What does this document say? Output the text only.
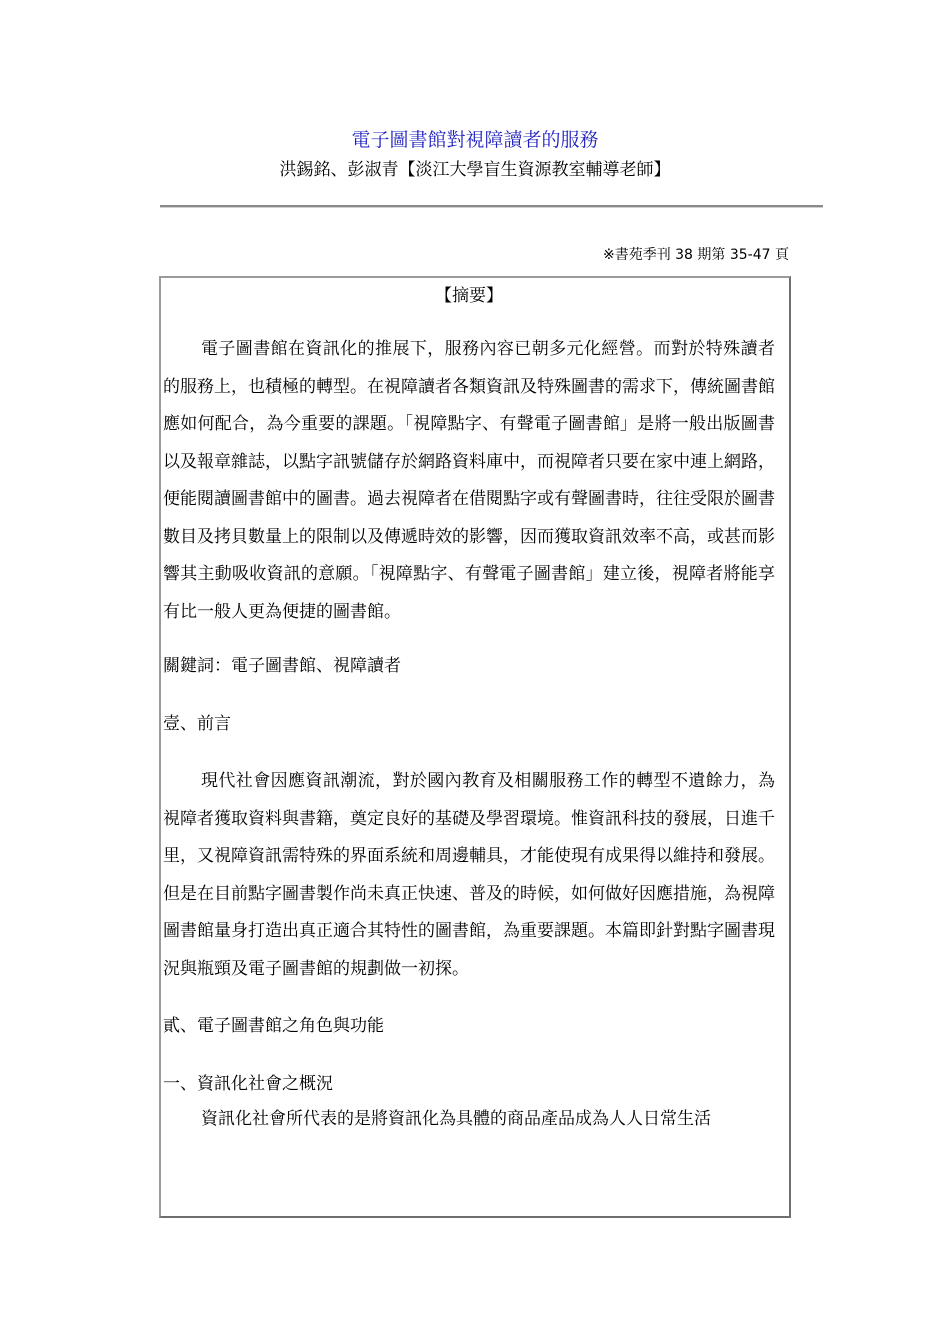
電子圖書館對視障讀者的服務

洪錫銘、彭淑青【淡江大學盲生資源教室輔導老師】

※書苑季刊 38 期第 35-47 頁

【摘要】

電子圖書館在資訊化的推展下，服務內容已朝多元化經營。而對於特殊讀者的服務上，也積極的轉型。在視障讀者各類資訊及特殊圖書的需求下，傳統圖書館應如何配合，為今重要的課題。「視障點字、有聲電子圖書館」是將一般出版圖書以及報章雜誌，以點字訊號儲存於網路資料庫中，而視障者只要在家中連上網路，便能閱讀圖書館中的圖書。過去視障者在借閱點字或有聲圖書時，往往受限於圖書數目及拷貝數量上的限制以及傳遞時效的影響，因而獲取資訊效率不高，或甚而影響其主動吸收資訊的意願。「視障點字、有聲電子圖書館」建立後，視障者將能享有比一般人更為便捷的圖書館。

關鍵詞：電子圖書館、視障讀者

壹、前言

現代社會因應資訊潮流，對於國內教育及相關服務工作的轉型不遺餘力，為視障者獲取資料與書籍，奠定良好的基礎及學習環境。惟資訊科技的發展，日進千里，又視障資訊需特殊的界面系統和周邊輔具，才能使現有成果得以維持和發展。但是在目前點字圖書製作尚未真正快速、普及的時候，如何做好因應措施，為視障圖書館量身打造出真正適合其特性的圖書館，為重要課題。本篇即針對點字圖書現況與瓶頸及電子圖書館的規劃做一初探。

貳、電子圖書館之角色與功能

一、資訊化社會之概況

資訊化社會所代表的是將資訊化為具體的商品產品成為人人日常生活
